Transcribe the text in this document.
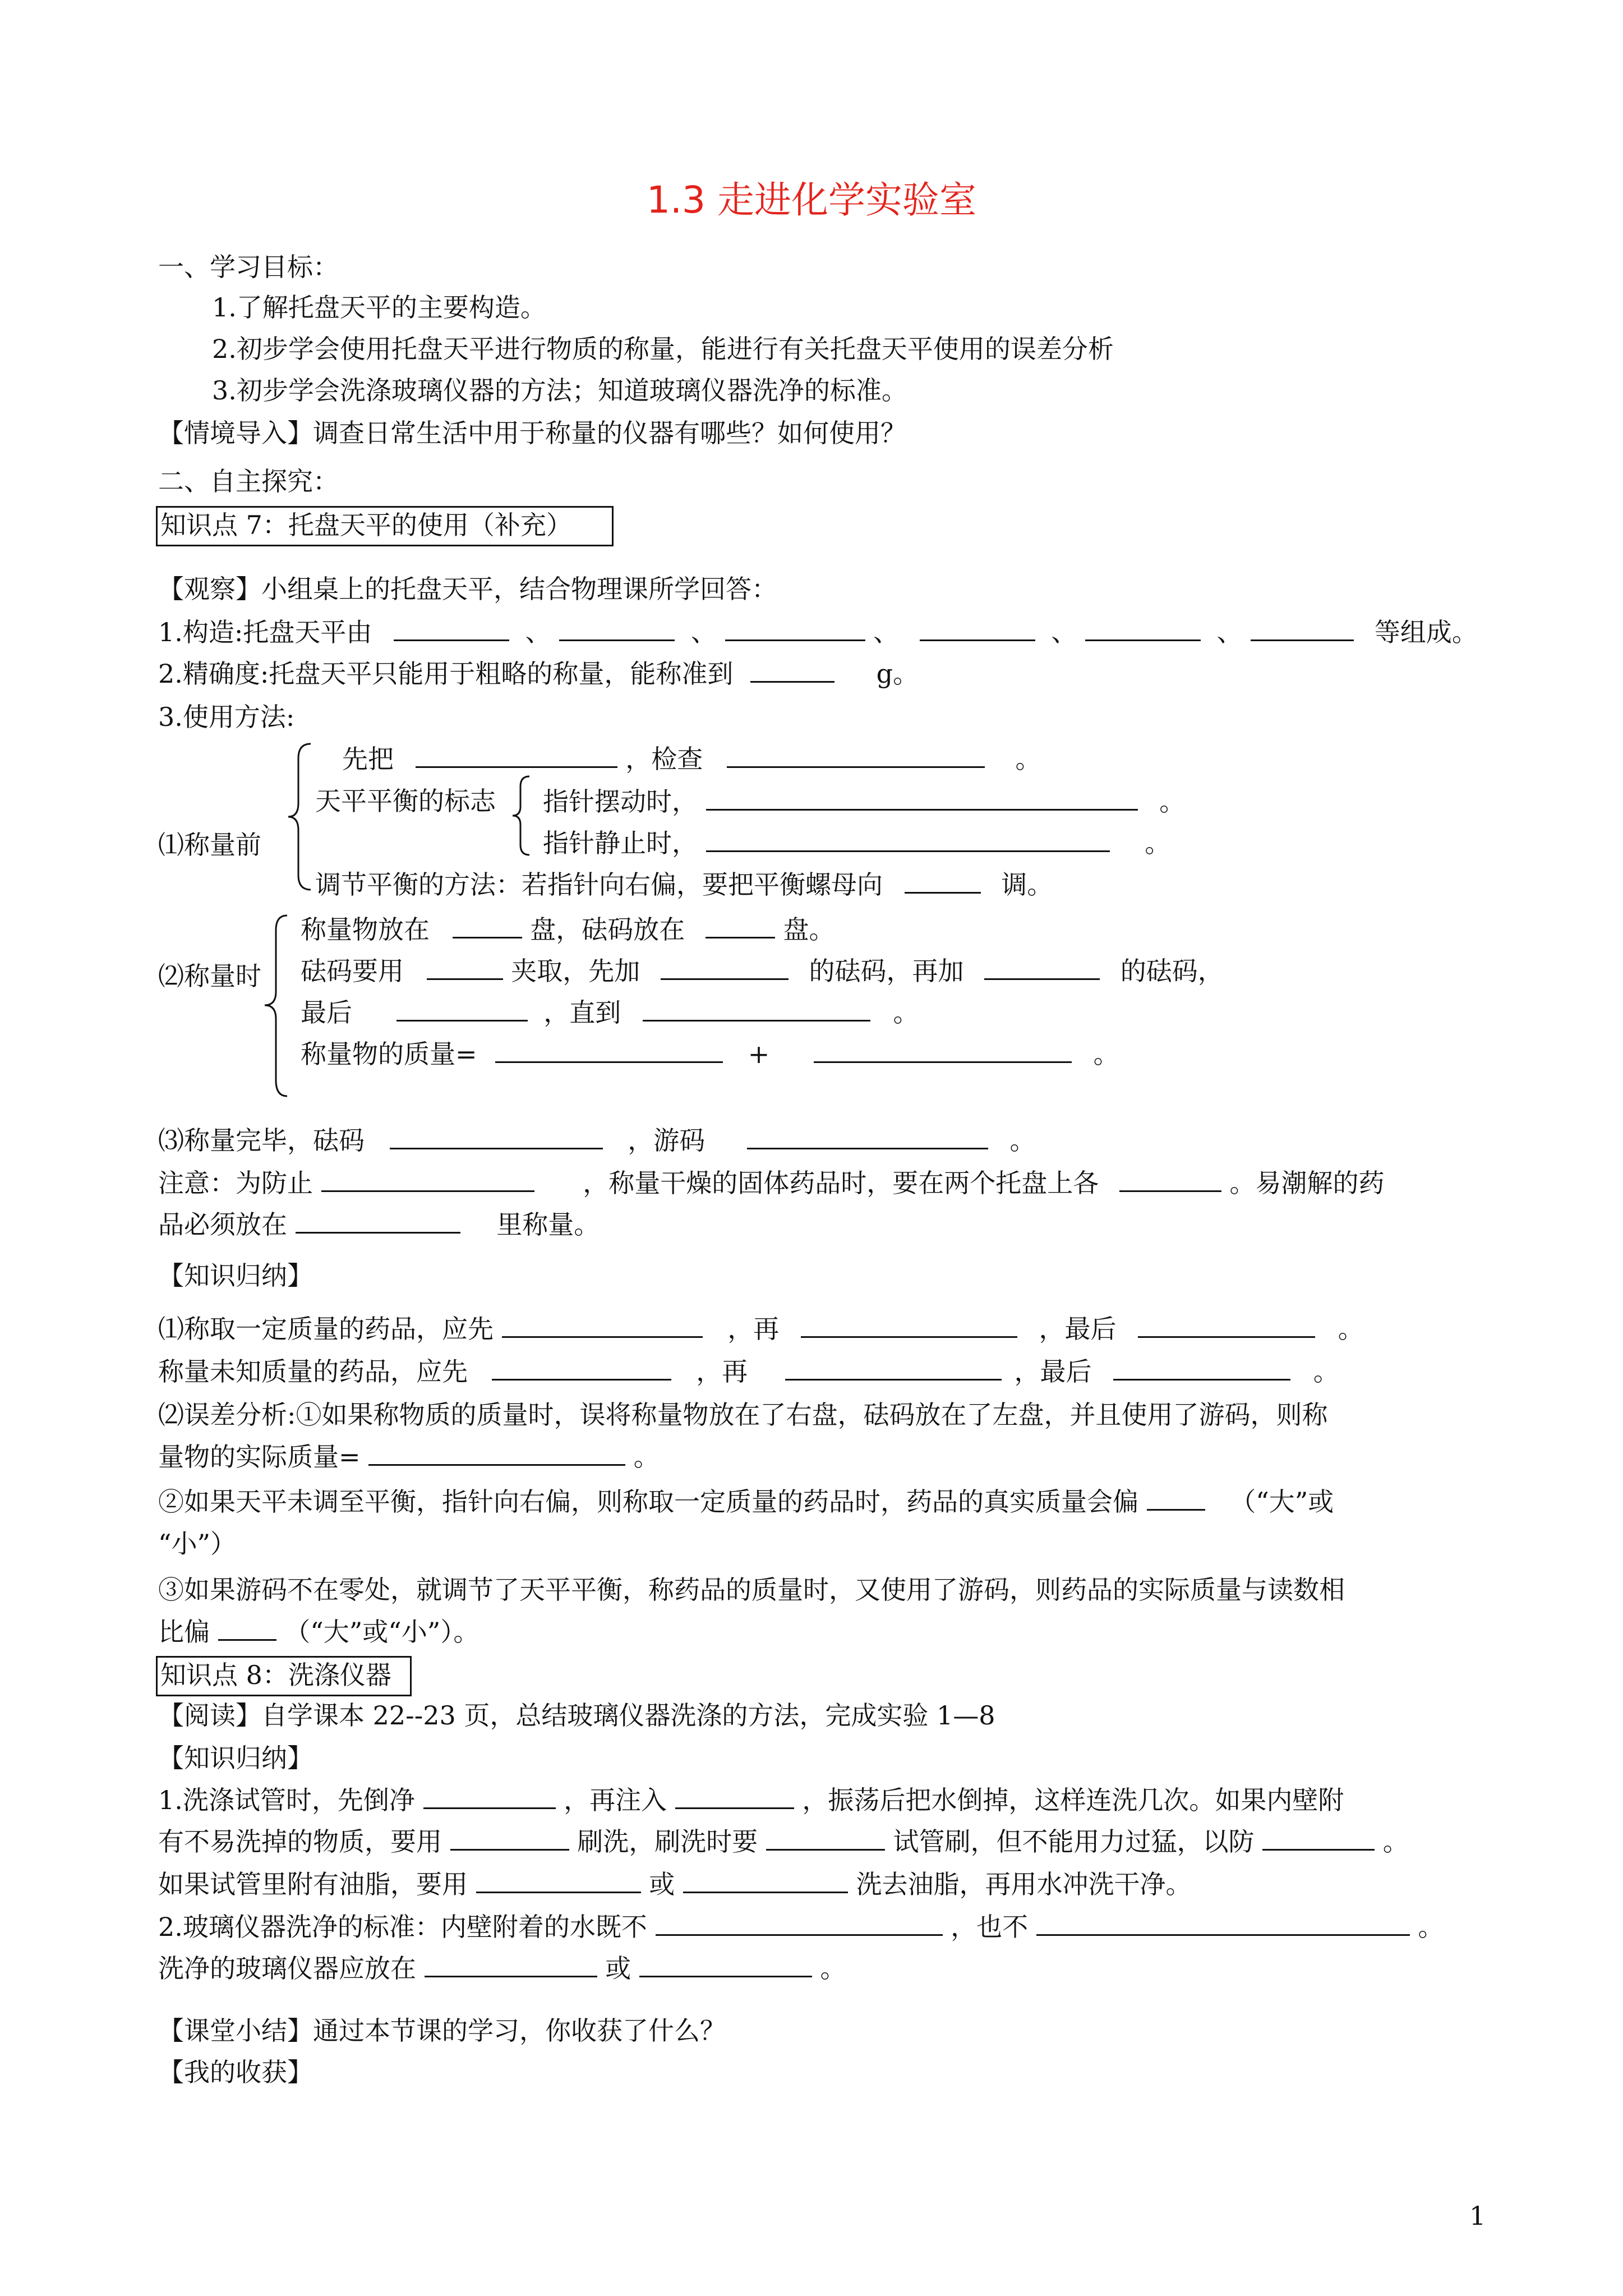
1.3 走进化学实验室
一、学习目标：
1.了解托盘天平的主要构造。
2.初步学会使用托盘天平进行物质的称量，能进行有关托盘天平使用的误差分析
3.初步学会洗涤玻璃仪器的方法；知道玻璃仪器洗净的标准。
【情境导入】调查日常生活中用于称量的仪器有哪些？如何使用？
二、自主探究：
知识点 7：托盘天平的使用（补充）
【观察】小组桌上的托盘天平，结合物理课所学回答：
1.构造:托盘天平由	、	、	、	、	、	等组成。
2.精确度:托盘天平只能用于粗略的称量，能称准到	g。
3.使用方法:
⑴称量前
先把	，检查	。
天平平衡的标志 指针摆动时，	。
指针静止时，	。
调节平衡的方法：若指针向右偏，要把平衡螺母向	调。
⑵称量时
称量物放在	盘，砝码放在	盘。
砝码要用	夹取，先加	的砝码，再加	的砝码，
最后	，直到	。
称量物的质量=	+	。
⑶称量完毕，砝码	，游码	。
注意：为防止	，称量干燥的固体药品时，要在两个托盘上各	。易潮解的药
品必须放在	里称量。
【知识归纳】
⑴称取一定质量的药品，应先	，再	，最后	。
称量未知质量的药品，应先	，再	，最后	。
⑵误差分析:①如果称物质的质量时，误将称量物放在了右盘，砝码放在了左盘，并且使用了游码，则称
量物的实际质量=	。
②如果天平未调至平衡，指针向右偏，则称取一定质量的药品时，药品的真实质量会偏	（“大”或
“小”）
③如果游码不在零处，就调节了天平平衡，称药品的质量时，又使用了游码，则药品的实际质量与读数相
比偏	（“大”或“小”）。
知识点 8：洗涤仪器
【阅读】自学课本 22--23 页，总结玻璃仪器洗涤的方法，完成实验 1—8
【知识归纳】
1.洗涤试管时，先倒净	，再注入	，振荡后把水倒掉，这样连洗几次。如果内壁附
有不易洗掉的物质，要用	刷洗，刷洗时要	试管刷，但不能用力过猛，以防	。
如果试管里附有油脂，要用	或	洗去油脂，再用水冲洗干净。
2.玻璃仪器洗净的标准：内壁附着的水既不	，也不	。
洗净的玻璃仪器应放在	或	。
【课堂小结】通过本节课的学习，你收获了什么？
【我的收获】
1
